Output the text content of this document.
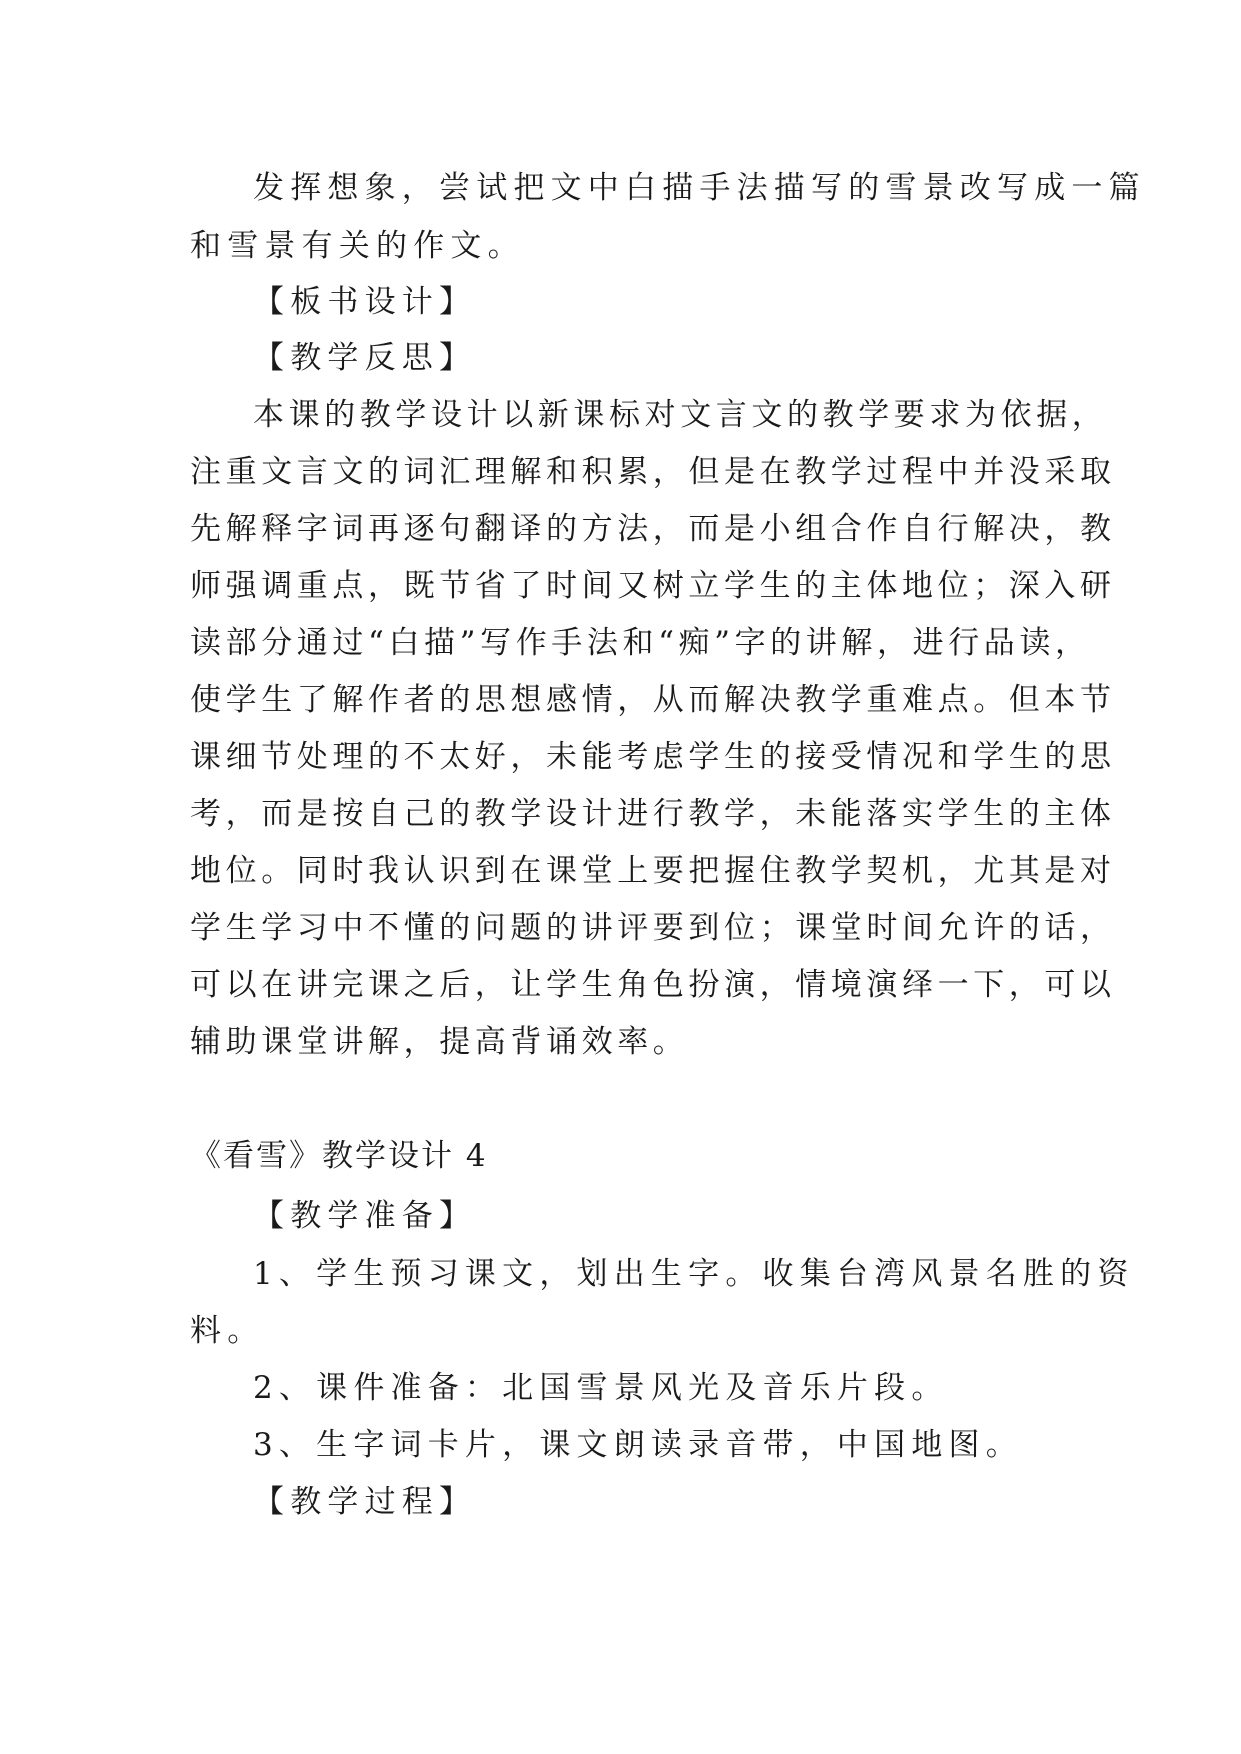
发挥想象，尝试把文中白描手法描写的雪景改写成一篇
和雪景有关的作文。
【板书设计】
【教学反思】
本课的教学设计以新课标对文言文的教学要求为依据，
注重文言文的词汇理解和积累，但是在教学过程中并没采取
先解释字词再逐句翻译的方法，而是小组合作自行解决，教
师强调重点，既节省了时间又树立学生的主体地位；深入研
读部分通过“白描”写作手法和“痴”字的讲解，进行品读，
使学生了解作者的思想感情，从而解决教学重难点。但本节
课细节处理的不太好，未能考虑学生的接受情况和学生的思
考，而是按自己的教学设计进行教学，未能落实学生的主体
地位。同时我认识到在课堂上要把握住教学契机，尤其是对
学生学习中不懂的问题的讲评要到位；课堂时间允许的话，
可以在讲完课之后，让学生角色扮演，情境演绎一下，可以
辅助课堂讲解，提高背诵效率。
《看雪》教学设计 4
【教学准备】
1、学生预习课文，划出生字。收集台湾风景名胜的资
料。
2、课件准备：北国雪景风光及音乐片段。
3、生字词卡片，课文朗读录音带，中国地图。
【教学过程】
